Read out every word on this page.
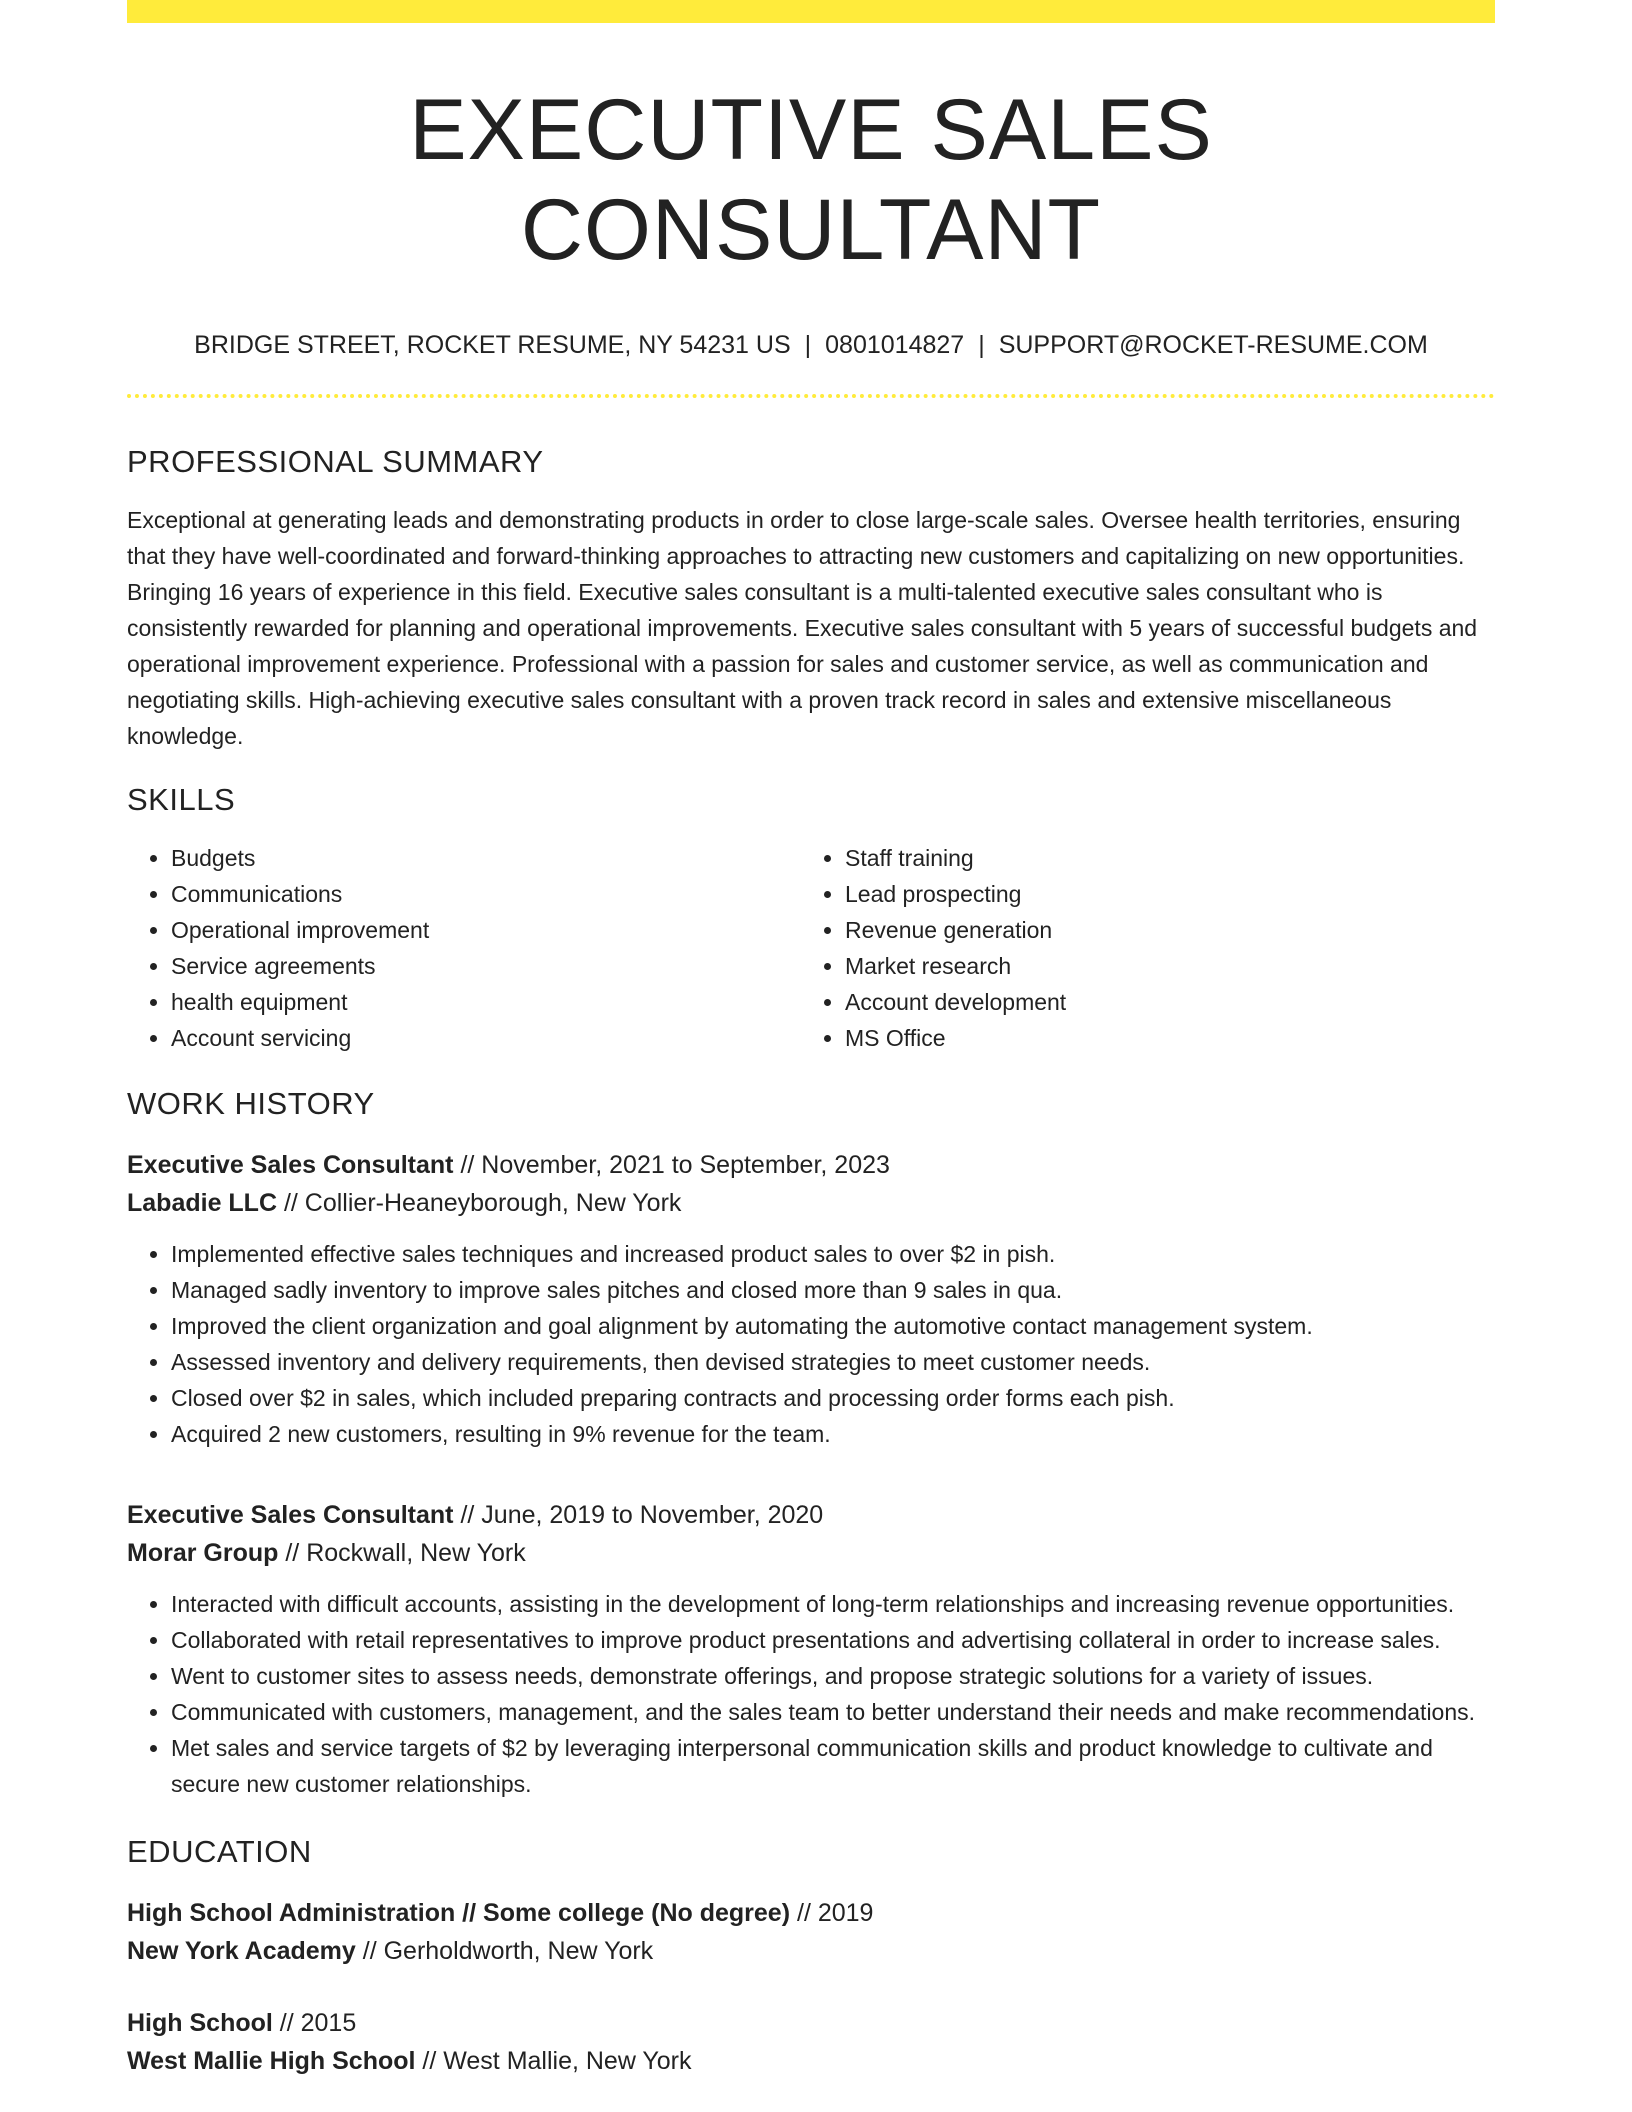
EXECUTIVE SALES CONSULTANT
BRIDGE STREET, ROCKET RESUME, NY 54231 US | 0801014827 | SUPPORT@ROCKET-RESUME.COM
PROFESSIONAL SUMMARY

Exceptional at generating leads and demonstrating products in order to close large-scale sales. Oversee health territories, ensuring that they have well-coordinated and forward-thinking approaches to attracting new customers and capitalizing on new opportunities. Bringing 16 years of experience in this field. Executive sales consultant is a multi-talented executive sales consultant who is consistently rewarded for planning and operational improvements. Executive sales consultant with 5 years of successful budgets and operational improvement experience. Professional with a passion for sales and customer service, as well as communication and negotiating skills. High-achieving executive sales consultant with a proven track record in sales and extensive miscellaneous knowledge.

SKILLS
• Budgets
• Communications
• Operational improvement
• Service agreements
• health equipment
• Account servicing
• Staff training
• Lead prospecting
• Revenue generation
• Market research
• Account development
• MS Office
WORK HISTORY
Executive Sales Consultant // November, 2021 to September, 2023
Labadie LLC // Collier-Heaneyborough, New York
• Implemented effective sales techniques and increased product sales to over $2 in pish.
• Managed sadly inventory to improve sales pitches and closed more than 9 sales in qua.
• Improved the client organization and goal alignment by automating the automotive contact management system.
• Assessed inventory and delivery requirements, then devised strategies to meet customer needs.
• Closed over $2 in sales, which included preparing contracts and processing order forms each pish.
• Acquired 2 new customers, resulting in 9% revenue for the team.
Executive Sales Consultant // June, 2019 to November, 2020
Morar Group // Rockwall, New York
• Interacted with difficult accounts, assisting in the development of long-term relationships and increasing revenue opportunities.
• Collaborated with retail representatives to improve product presentations and advertising collateral in order to increase sales.
• Went to customer sites to assess needs, demonstrate offerings, and propose strategic solutions for a variety of issues.
• Communicated with customers, management, and the sales team to better understand their needs and make recommendations.
• Met sales and service targets of $2 by leveraging interpersonal communication skills and product knowledge to cultivate and secure new customer relationships.
EDUCATION
High School Administration // Some college (No degree) // 2019
New York Academy // Gerholdworth, New York
High School // 2015
West Mallie High School // West Mallie, New York
